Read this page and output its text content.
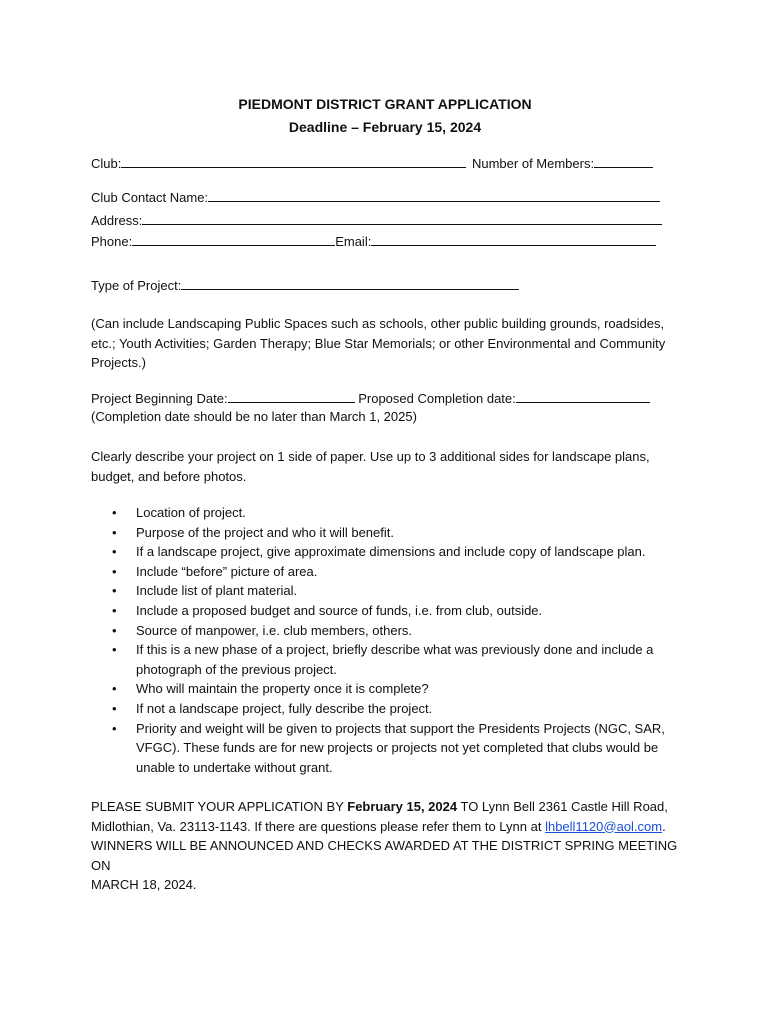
PIEDMONT DISTRICT GRANT APPLICATION
Deadline – February 15, 2024
Club:	Number of Members:
Club Contact Name:
Address:
Phone:	Email:
Type of Project:
(Can include Landscaping Public Spaces such as schools, other public building grounds, roadsides, etc.; Youth Activities; Garden Therapy; Blue Star Memorials; or other Environmental and Community Projects.)
Project Beginning Date:	Proposed Completion date:
(Completion date should be no later than March 1, 2025)
Clearly describe your project on 1 side of paper. Use up to 3 additional sides for landscape plans, budget, and before photos.
• Location of project.
• Purpose of the project and who it will benefit.
• If a landscape project, give approximate dimensions and include copy of landscape plan.
• Include “before” picture of area.
• Include list of plant material.
• Include a proposed budget and source of funds, i.e. from club, outside.
• Source of manpower, i.e. club members, others.
• If this is a new phase of a project, briefly describe what was previously done and include a photograph of the previous project.
• Who will maintain the property once it is complete?
• If not a landscape project, fully describe the project.
• Priority and weight will be given to projects that support the Presidents Projects (NGC, SAR, VFGC). These funds are for new projects or projects not yet completed that clubs would be unable to undertake without grant.
PLEASE SUBMIT YOUR APPLICATION BY February 15, 2024 TO Lynn Bell 2361 Castle Hill Road, Midlothian, Va. 23113-1143. If there are questions please refer them to Lynn at lhbell1120@aol.com. WINNERS WILL BE ANNOUNCED AND CHECKS AWARDED AT THE DISTRICT SPRING MEETING ON
MARCH 18, 2024.
